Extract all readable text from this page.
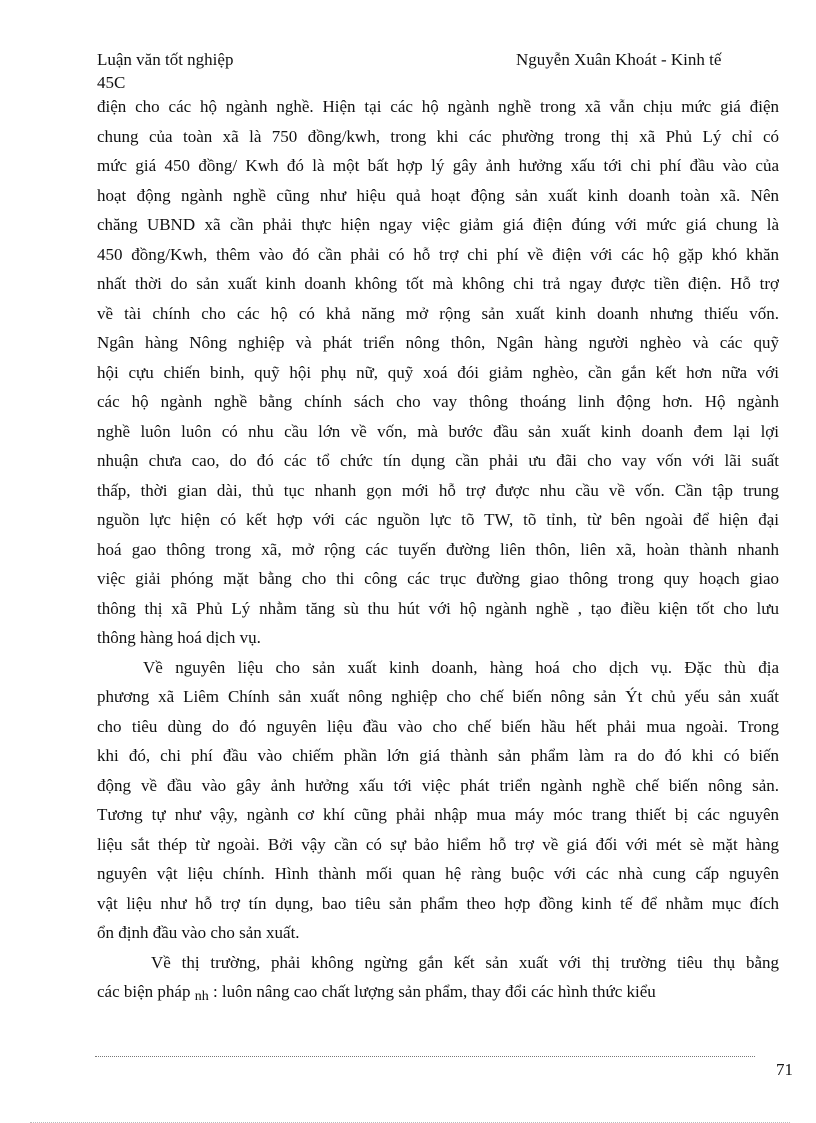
Luận văn tốt nghiệp	Nguyễn Xuân Khoát - Kinh tế
45C
điện cho các hộ ngành nghề. Hiện tại các hộ ngành nghề trong xã vẫn chịu mức giá điện
chung của toàn xã là 750 đồng/kwh, trong khi các phường trong thị xã Phủ Lý chỉ có
mức giá 450 đồng/ Kwh đó là một bất hợp lý gây ảnh hưởng xấu tới chi phí đầu vào của
hoạt động ngành nghề cũng như hiệu quả hoạt động sản xuất kinh doanh toàn xã. Nên
chăng UBND xã cần phải thực hiện ngay việc giảm giá điện đúng với mức giá chung là
450 đồng/Kwh, thêm vào đó cần phải có hỗ trợ chi phí về điện với các hộ gặp khó khăn
nhất thời do sản xuất kinh doanh không tốt mà không chi trả ngay được tiền điện. Hỗ trợ
về tài chính cho các hộ có khả năng mở rộng sản xuất kinh doanh nhưng thiếu vốn.
Ngân hàng Nông nghiệp và phát triển nông thôn, Ngân hàng người nghèo và các quỹ
hội cựu chiến binh, quỹ hội phụ nữ, quỹ xoá đói giảm nghèo, cần gắn kết hơn nữa với
các hộ ngành nghề bằng chính sách cho vay thông thoáng linh động hơn. Hộ ngành
nghề luôn luôn có nhu cầu lớn về vốn, mà bước đầu sản xuất kinh doanh đem lại lợi
nhuận chưa cao, do đó các tổ chức tín dụng cần phải ưu đãi cho vay vốn với lãi suất
thấp, thời gian dài, thủ tục nhanh gọn mới hỗ trợ được nhu cầu về vốn. Cần tập trung
nguồn lực hiện có kết hợp với các nguồn lực tõ TW, tõ tỉnh, từ bên ngoài để hiện đại
hoá gao thông trong xã, mở rộng các tuyến đường liên thôn, liên xã, hoàn thành nhanh
việc giải phóng mặt bằng cho thi công các trục đường giao thông trong quy hoạch giao
thông thị xã Phủ Lý nhằm tăng sù thu hút với hộ ngành nghề , tạo điều kiện tốt cho lưu
thông hàng hoá dịch vụ.
Về nguyên liệu cho sản xuất kinh doanh, hàng hoá cho dịch vụ. Đặc thù địa
phương xã Liêm Chính sản xuất nông nghiệp cho chế biến nông sản Ýt chủ yếu sản xuất
cho tiêu dùng do đó nguyên liệu đầu vào cho chế biến hầu hết phải mua ngoài. Trong
khi đó, chi phí đầu vào chiếm phần lớn giá thành sản phẩm làm ra do đó khi có biến
động về đầu vào gây ảnh hưởng xấu tới việc phát triển ngành nghề chế biến nông sản.
Tương tự như vậy, ngành cơ khí cũng phải nhập mua máy móc trang thiết bị các nguyên
liệu sắt thép từ ngoài. Bởi vậy cần có sự bảo hiểm hỗ trợ về giá đối với mét sè mặt hàng
nguyên vật liệu chính. Hình thành mối quan hệ ràng buộc với các nhà cung cấp nguyên
vật liệu như hỗ trợ tín dụng, bao tiêu sản phẩm theo hợp đồng kinh tế để nhằm mục đích
ổn định đầu vào cho sản xuất.
Về thị trường, phải không ngừng gắn kết sản xuất với thị trường tiêu thụ bằng
các biện pháp nh : luôn nâng cao chất lượng sản phẩm, thay đổi các hình thức kiểu
71
